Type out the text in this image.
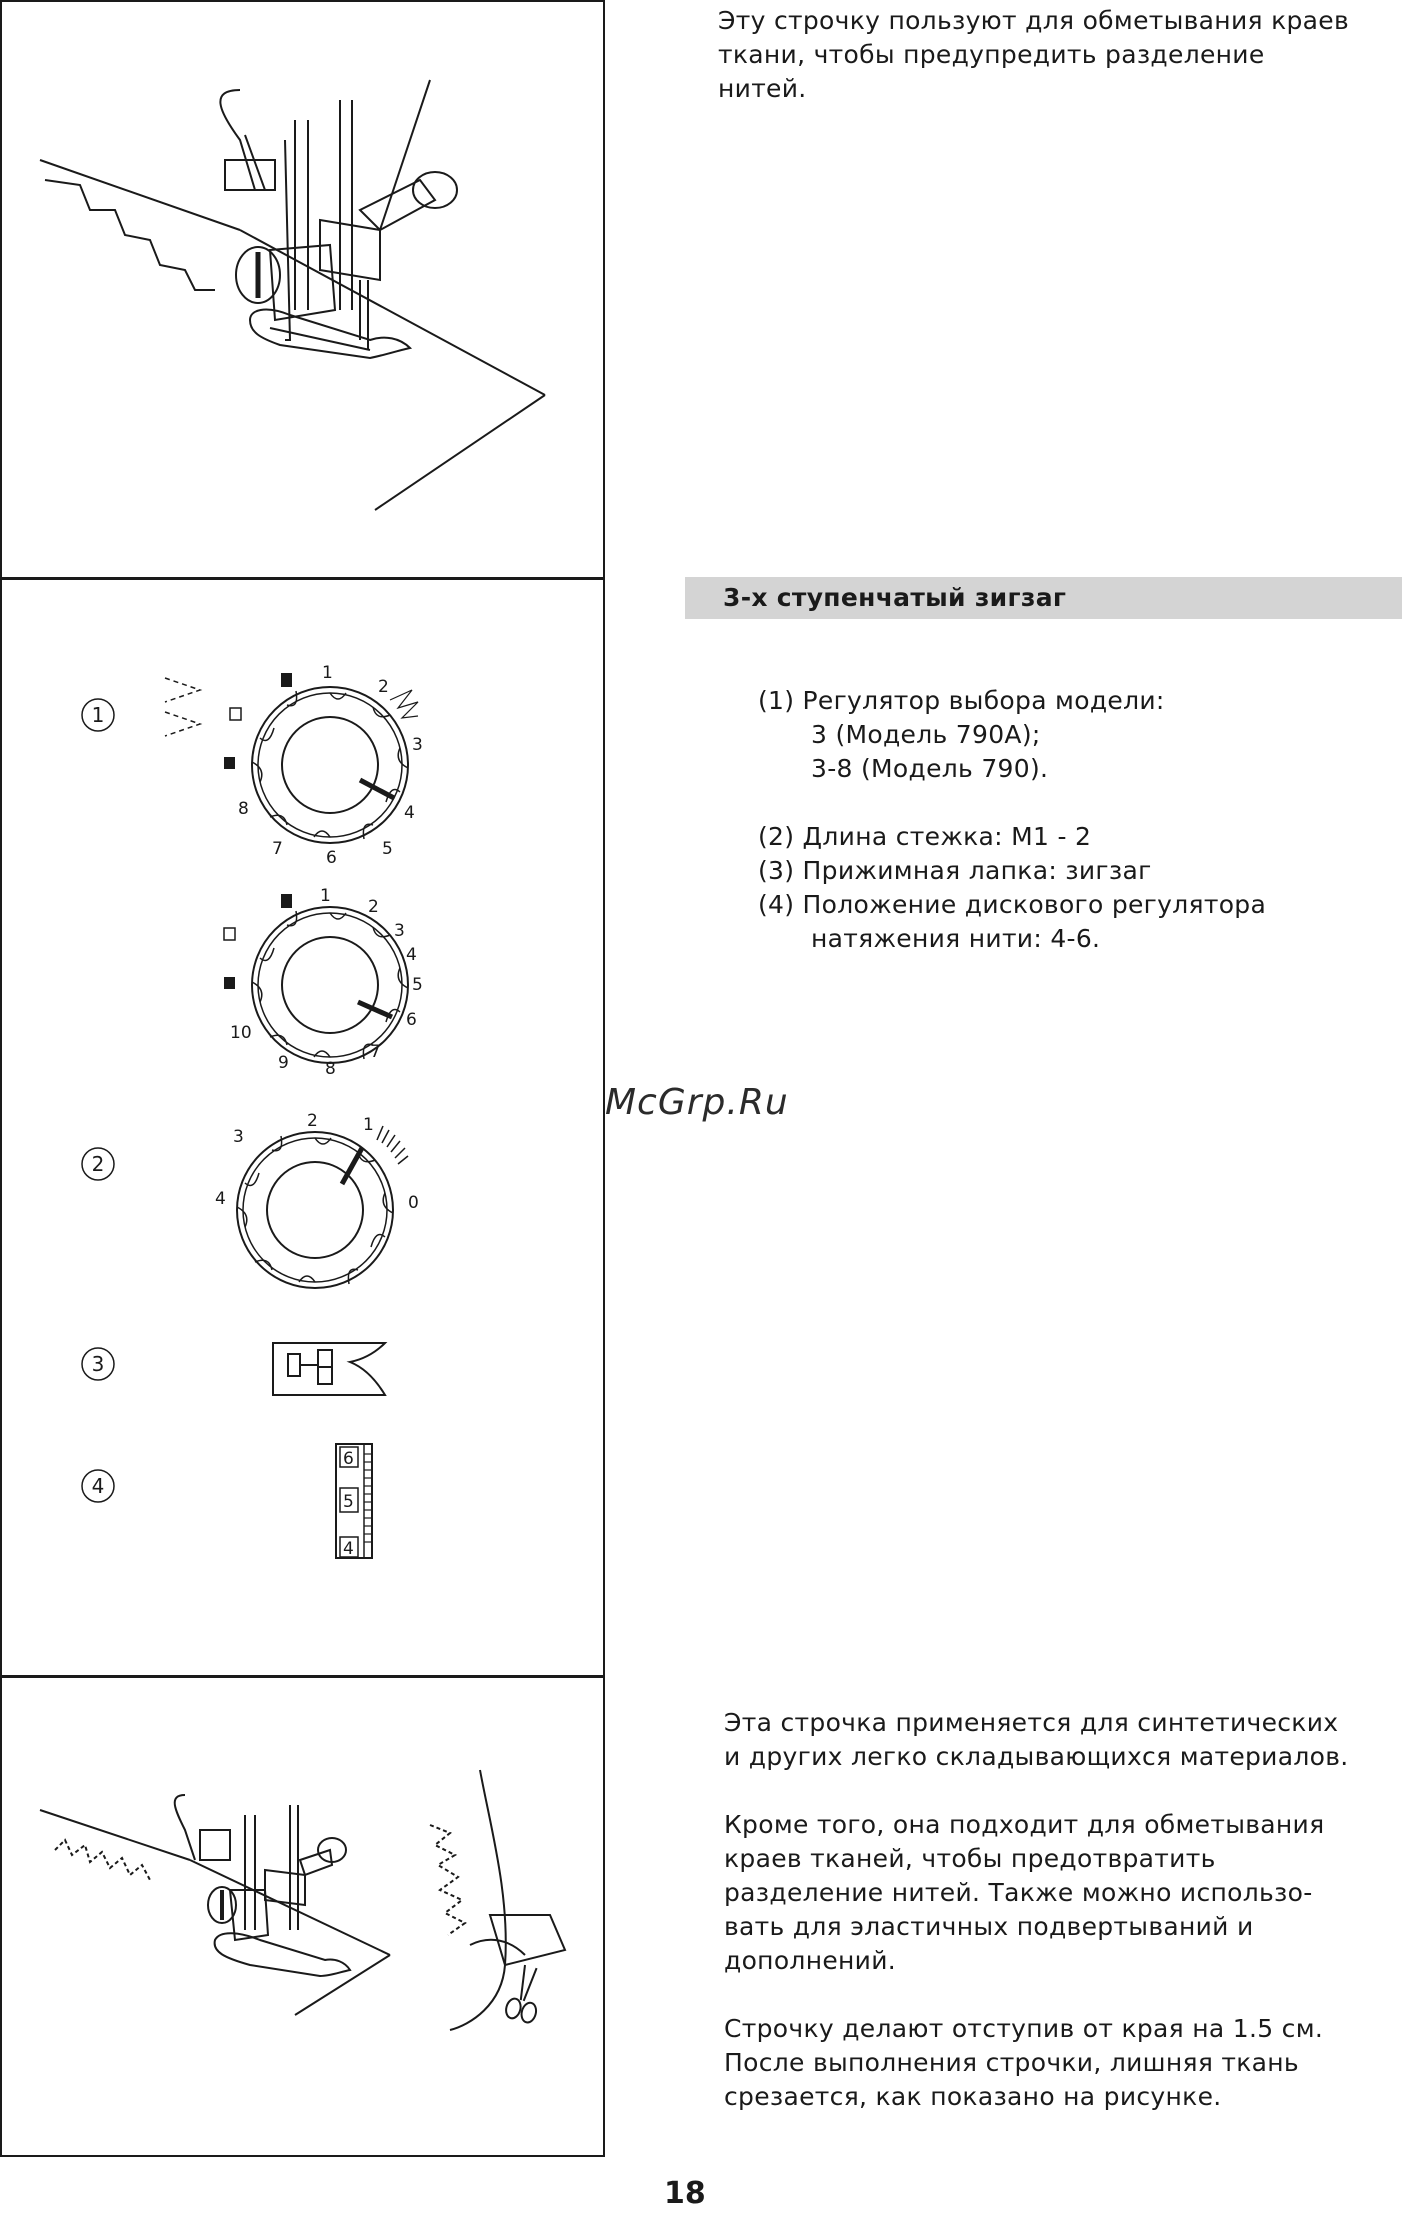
Эту строчку пользуют для обметывания краев

ткани, чтобы предупредить разделение

нитей.

3-х ступенчатый зигзаг
1
2
3
4
1
2
3
4
5
6
7
8
1
2
3
4
5
6
7
8
9
10
2	1
3
4	0
6
5
4
(1) Регулятор выбора модели:
3 (Модель 790A);
3-8 (Модель 790).
(2) Длина стежка: M1 - 2
(3) Прижимная лапка: зигзаг
(4) Положение дискового регулятора
натяжения нити: 4-6.
McGrp.Ru

Эта строчка применяется для синтетических

и других легко складывающихся материалов.

Кроме того, она подходит для обметывания

краев тканей, чтобы предотвратить

разделение нитей. Также можно использо-

вать для эластичных подвертываний и

дополнений.

Строчку делают отступив от края на 1.5 см.

После выполнения строчки, лишняя ткань

срезается, как показано на рисунке.

18
